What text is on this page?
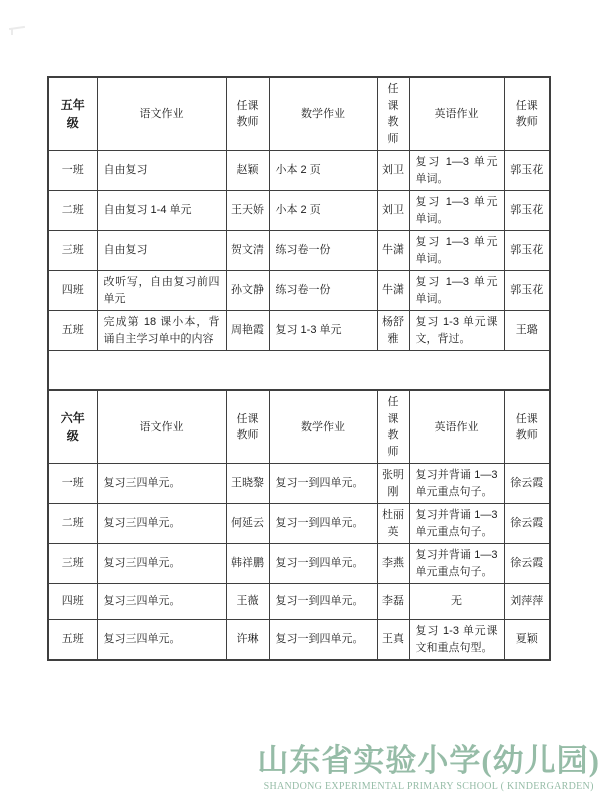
五年级	语文作业	任课教师	数学作业	任课教师	英语作业	任课教师
一班	自由复习	赵颖	小本 2 页	刘卫	复习 1—3 单元单词。	郭玉花
二班	自由复习 1-4 单元	王天娇	小本 2 页	刘卫	复习 1—3 单元单词。	郭玉花
三班	自由复习	贺文清	练习卷一份	牛潇	复习 1—3 单元单词。	郭玉花
四班	改听写，自由复习前四单元	孙文静	练习卷一份	牛潇	复习 1—3 单元单词。	郭玉花
五班	完成第 18 课小本，背诵自主学习单中的内容	周艳霞	复习 1-3 单元	杨舒雅	复习 1-3 单元课文，背过。	王璐

六年级	语文作业	任课教师	数学作业	任课教师	英语作业	任课教师
一班	复习三四单元。	王晓黎	复习一到四单元。	张明刚	复习并背诵 1—3 单元重点句子。	徐云霞
二班	复习三四单元。	何延云	复习一到四单元。	杜丽英	复习并背诵 1—3 单元重点句子。	徐云霞
三班	复习三四单元。	韩祥鹏	复习一到四单元。	李燕	复习并背诵 1—3 单元重点句子。	徐云霞
四班	复习三四单元。	王薇	复习一到四单元。	李磊	无	刘萍萍
五班	复习三四单元。	许琳	复习一到四单元。	王真	复习 1-3 单元课文和重点句型。	夏颖
山东省实验小学(幼儿园)
SHANDONG EXPERIMENTAL PRIMARY SCHOOL ( KINDERGARDEN)
